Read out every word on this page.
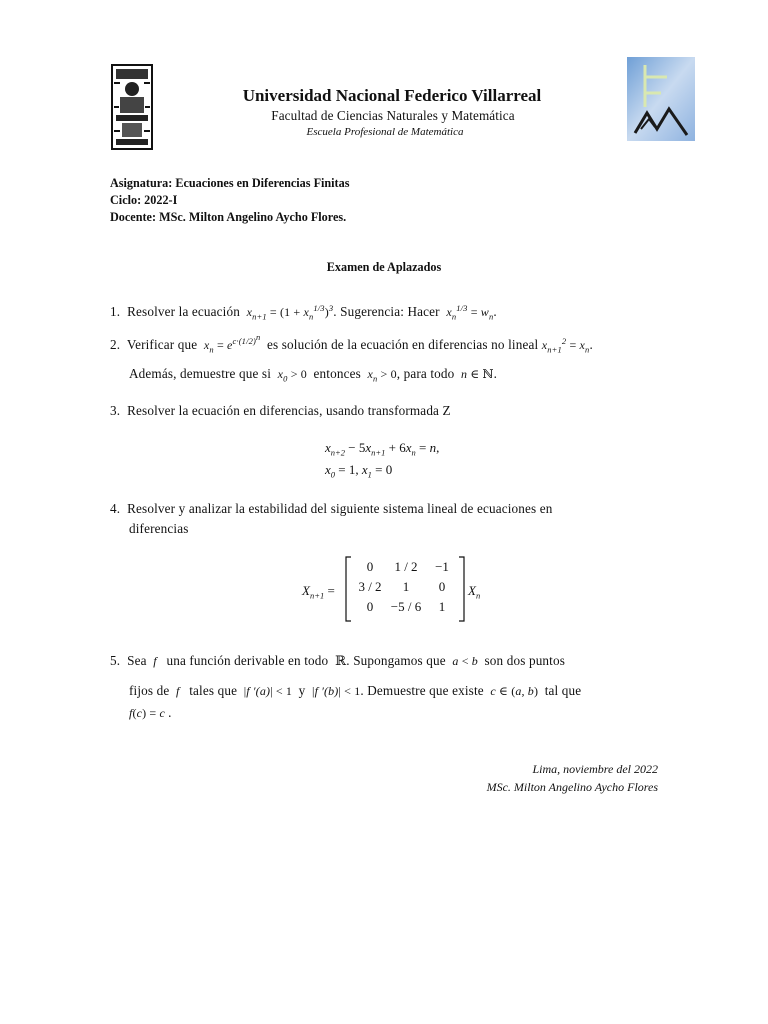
Universidad Nacional Federico Villarreal
Facultad de Ciencias Naturales y Matemática
Escuela Profesional de Matemática
Asignatura: Ecuaciones en Diferencias Finitas
Ciclo: 2022-I
Docente: MSc. Milton Angelino Aycho Flores.
Examen de Aplazados
1. Resolver la ecuación  $x_{n+1} = (1 + x_n^{1/3})^3$. Sugerencia: Hacer  $x_n^{1/3} = w_n$.
2. Verificar que  $x_n = e^{c\cdot(1/2)^n}$ es solución de la ecuación en diferencias no lineal $x_{n+1}^2 = x_n$.
Además, demuestre que si  $x_0 > 0$ entonces  $x_n > 0$, para todo  n ∈ ℕ.
3. Resolver la ecuación en diferencias, usando transformada Z
$x_{n+2} - 5x_{n+1} + 6x_n = n$,
$x_0 = 1$, $x_1 = 0$
4. Resolver y analizar la estabilidad del siguiente sistema lineal de ecuaciones en
diferencias
$X_{n+1}$ =
0	1 / 2	−1
3 / 2	1	0
0	−5 / 6	1
$X_n$
5. Sea  f   una función derivable en todo  ℝ. Supongamos que  a < b  son dos puntos
fijos de  f   tales que |f ′(a)| < 1 y |f ′(b)| < 1. Demuestre que existe  c ∈ (a, b) tal que
f(c) = c .
Lima, noviembre del 2022
MSc. Milton Angelino Aycho Flores
